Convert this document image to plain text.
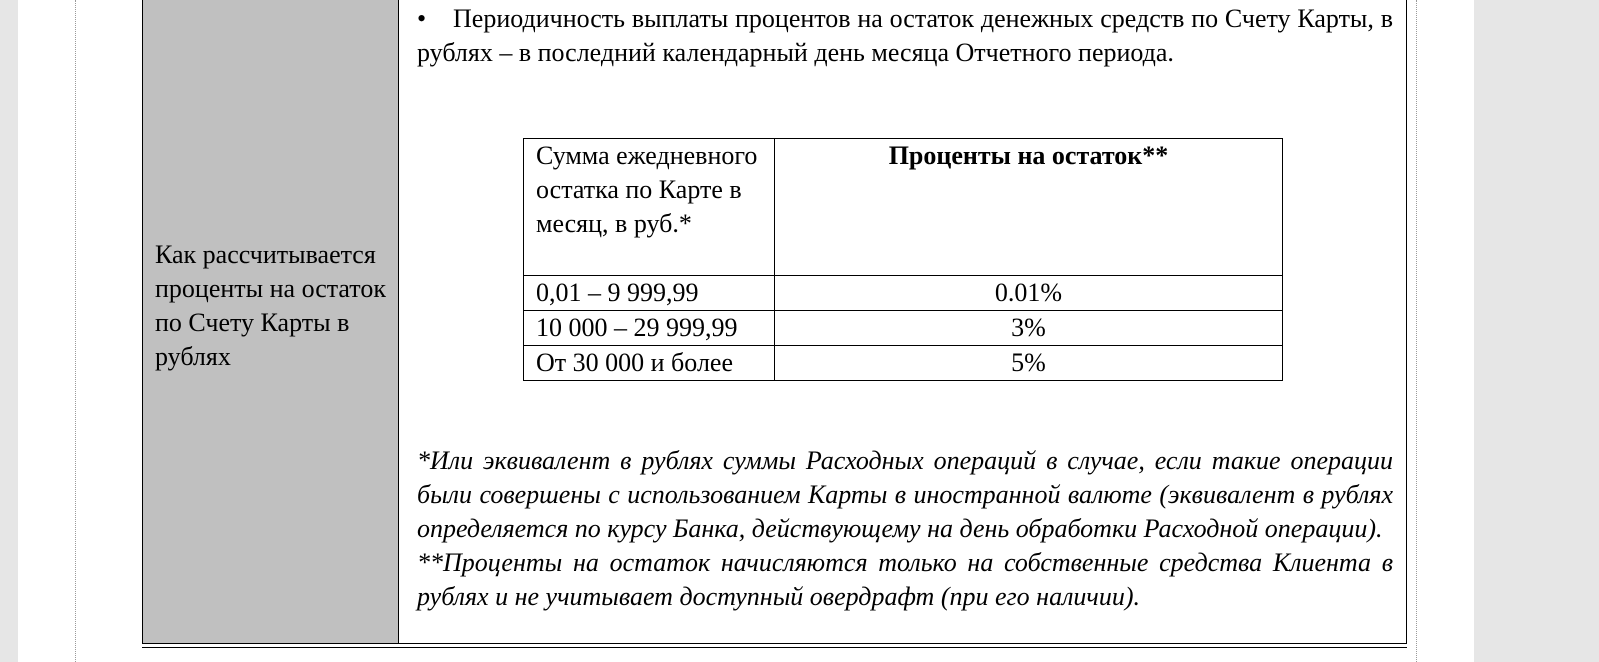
Как рассчитывается проценты на остаток по Счету Карты в рублях
• Периодичность выплаты процентов на остаток денежных средств по Счету Карты, в рублях – в последний календарный день месяца Отчетного периода.
Сумма ежедневного остатка по Карте в месяц, в руб.*	Проценты на остаток**
0,01 – 9 999,99	0.01%
10 000 – 29 999,99	3%
От 30 000 и более	5%

*Или эквивалент в рублях суммы Расходных операций в случае, если такие операции были совершены с использованием Карты в иностранной валюте (эквивалент в рублях определяется по курсу Банка, действующему на день обработки Расходной операции).

**Проценты на остаток начисляются только на собственные средства Клиента в рублях и не учитывает доступный овердрафт (при его наличии).
